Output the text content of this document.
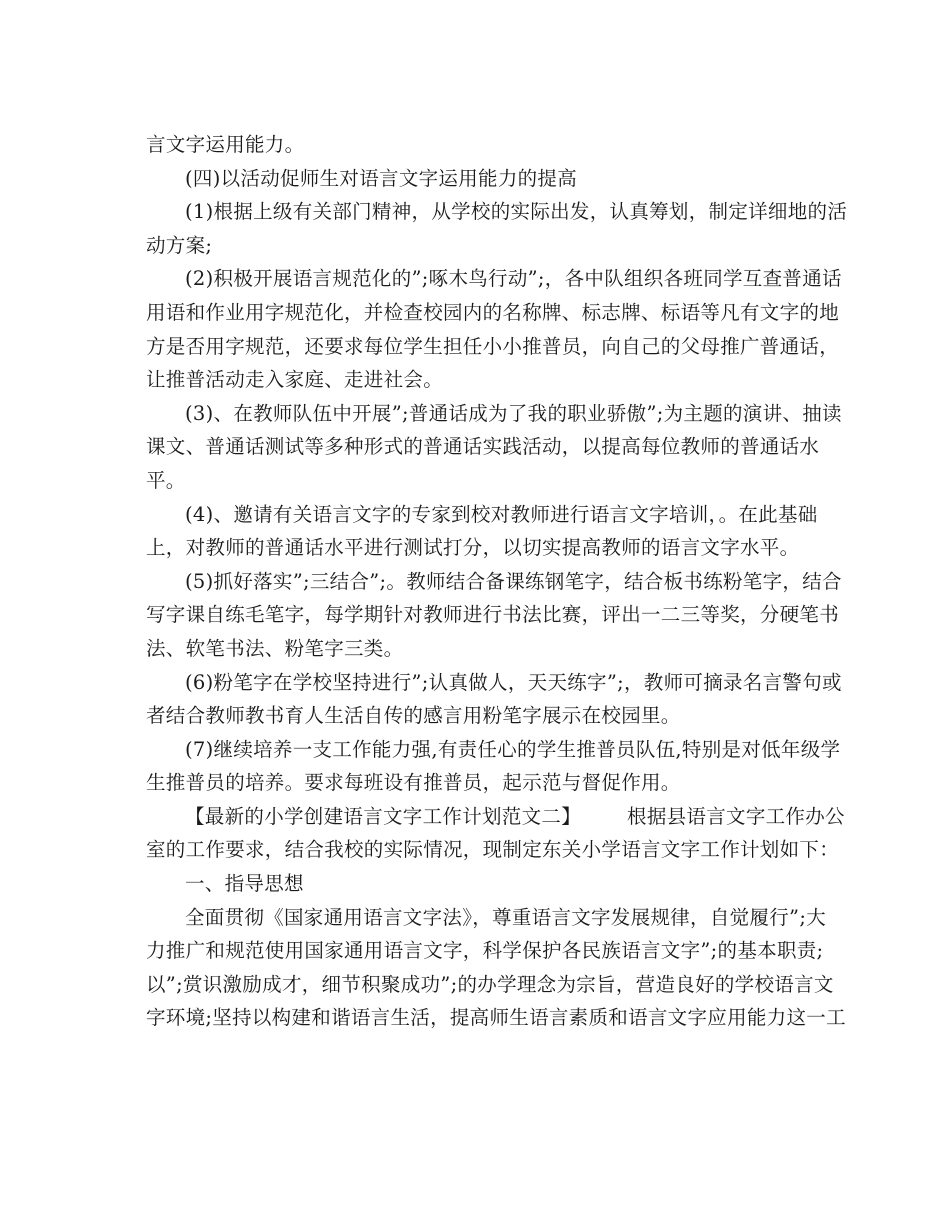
言文字运用能力。
(四)以活动促师生对语言文字运用能力的提高
(1)根据上级有关部门精神，从学校的实际出发，认真筹划，制定详细地的活
动方案;
(2)积极开展语言规范化的”;啄木鸟行动”;，各中队组织各班同学互查普通话
用语和作业用字规范化，并检查校园内的名称牌、标志牌、标语等凡有文字的地
方是否用字规范，还要求每位学生担任小小推普员，向自己的父母推广普通话，
让推普活动走入家庭、走进社会。
(3)、在教师队伍中开展”;普通话成为了我的职业骄傲”;为主题的演讲、抽读
课文、普通话测试等多种形式的普通话实践活动，以提高每位教师的普通话水
平。
(4)、邀请有关语言文字的专家到校对教师进行语言文字培训，。在此基础
上，对教师的普通话水平进行测试打分，以切实提高教师的语言文字水平。
(5)抓好落实”;三结合”;。教师结合备课练钢笔字，结合板书练粉笔字，结合
写字课自练毛笔字，每学期针对教师进行书法比赛，评出一二三等奖，分硬笔书
法、软笔书法、粉笔字三类。
(6)粉笔字在学校坚持进行”;认真做人，天天练字”;，教师可摘录名言警句或
者结合教师教书育人生活自传的感言用粉笔字展示在校园里。
(7)继续培养一支工作能力强,有责任心的学生推普员队伍,特别是对低年级学
生推普员的培养。要求每班设有推普员，起示范与督促作用。
【最新的小学创建语言文字工作计划范文二】 根据县语言文字工作办公
室的工作要求，结合我校的实际情况，现制定东关小学语言文字工作计划如下：
一、指导思想
全面贯彻《国家通用语言文字法》，尊重语言文字发展规律，自觉履行”;大
力推广和规范使用国家通用语言文字，科学保护各民族语言文字”;的基本职责;
以”;赏识激励成才，细节积聚成功”;的办学理念为宗旨，营造良好的学校语言文
字环境;坚持以构建和谐语言生活，提高师生语言素质和语言文字应用能力这一工
